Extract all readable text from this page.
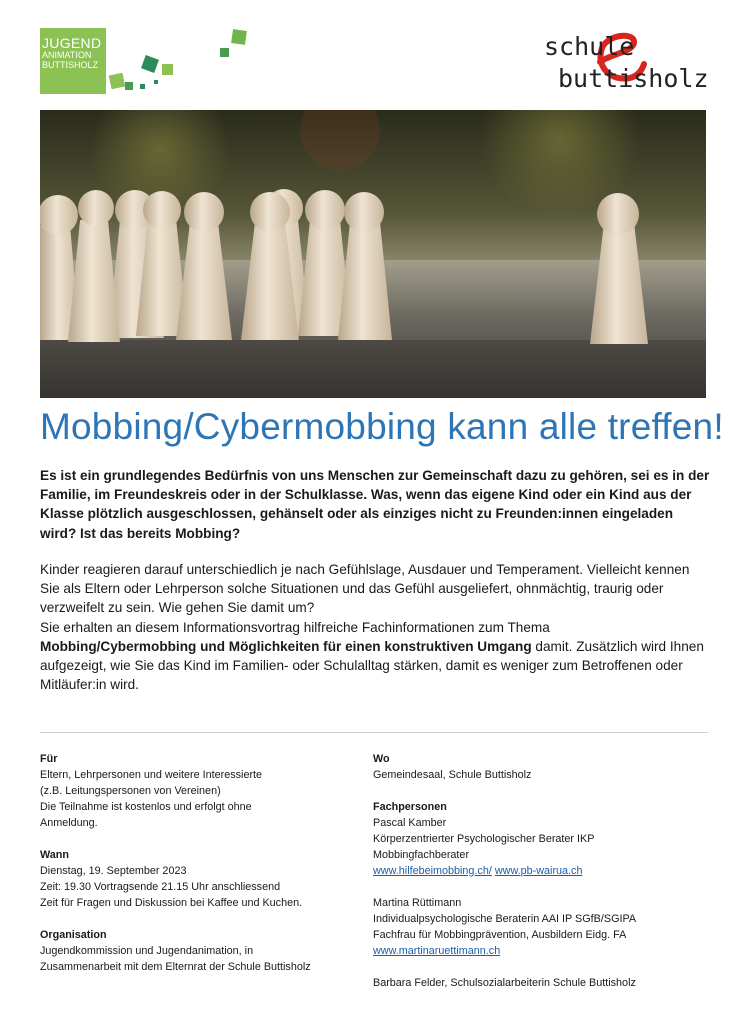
JUGEND
ANIMATION
BUTTISHOLZ
schule
buttisholz
Mobbing/Cybermobbing kann alle treffen!
Es ist ein grundlegendes Bedürfnis von uns Menschen zur Gemeinschaft dazu zu gehören, sei es in der Familie, im Freundeskreis oder in der Schulklasse. Was, wenn das eigene Kind oder ein Kind aus der Klasse plötzlich ausgeschlossen, gehänselt oder als einziges nicht zu Freunden:innen eingeladen wird? Ist das bereits Mobbing?
Kinder reagieren darauf unterschiedlich je nach Gefühlslage, Ausdauer und Temperament. Vielleicht kennen Sie als Eltern oder Lehrperson solche Situationen und das Gefühl ausgeliefert, ohnmächtig, traurig oder verzweifelt zu sein. Wie gehen Sie damit um?
Sie erhalten an diesem Informationsvortrag hilfreiche Fachinformationen zum Thema
Mobbing/Cybermobbing und Möglichkeiten für einen konstruktiven Umgang damit. Zusätzlich wird Ihnen aufgezeigt, wie Sie das Kind im Familien- oder Schulalltag stärken, damit es weniger zum Betroffenen oder Mitläufer:in wird.
Für
Eltern, Lehrpersonen und weitere Interessierte
(z.B. Leitungspersonen von Vereinen)
Die Teilnahme ist kostenlos und erfolgt ohne
Anmeldung.
Wann
Dienstag, 19. September 2023
Zeit: 19.30 Vortragsende 21.15 Uhr anschliessend
Zeit für Fragen und Diskussion bei Kaffee und Kuchen.
Organisation
Jugendkommission und Jugendanimation, in
Zusammenarbeit mit dem Elternrat der Schule Buttisholz
Wo
Gemeindesaal, Schule Buttisholz
Fachpersonen
Pascal Kamber
Körperzentrierter Psychologischer Berater IKP
Mobbingfachberater
www.hilfebeimobbing.ch/ www.pb-wairua.ch
Martina Rüttimann
Individualpsychologische Beraterin AAI IP SGfB/SGIPA
Fachfrau für Mobbingprävention, Ausbildern Eidg. FA
www.martinaruettimann.ch
Barbara Felder, Schulsozialarbeiterin Schule Buttisholz
